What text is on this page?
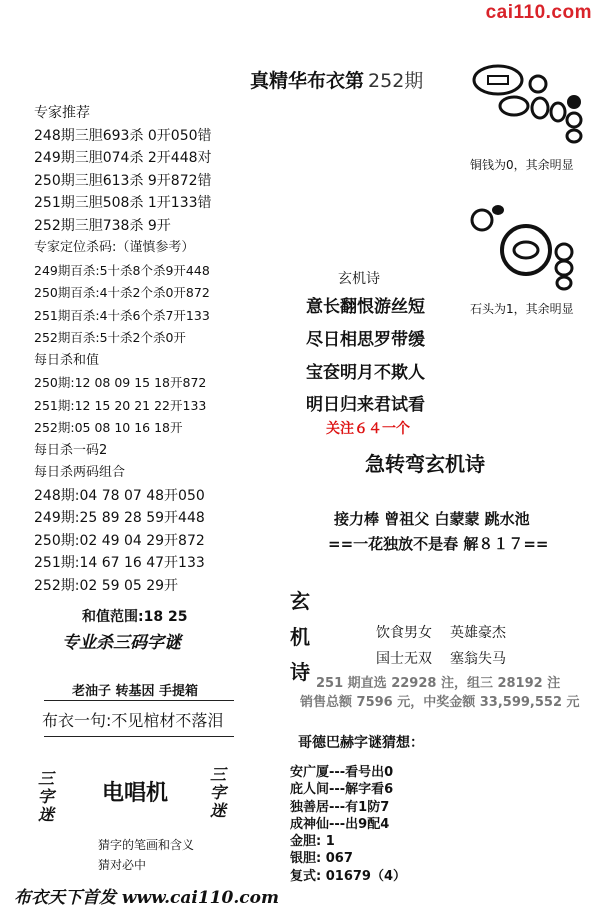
cai110.com
真精华布衣第 252期
专家推荐
248期三胆693杀 0开050错
249期三胆074杀 2开448对
250期三胆613杀 9开872错
251期三胆508杀 1开133错
252期三胆738杀 9开
专家定位杀码:（谨慎参考）
249期百杀:5十杀8个杀9开448
250期百杀:4十杀2个杀0开872
251期百杀:4十杀6个杀7开133
252期百杀:5十杀2个杀0开
每日杀和值
250期:12 08 09 15 18开872
251期:12 15 20 21 22开133
252期:05 08 10 16 18开
每日杀一码2
每日杀两码组合
248期:04 78 07 48开050
249期:25 89 28 59开448
250期:02 49 04 29开872
251期:14 67 16 47开133
252期:02 59 05 29开
和值范围:18 25
专业杀三码字谜
老油子 转基因 手提箱
布衣一句:不见棺材不落泪
三字迷
电唱机
三字迷
猜字的笔画和含义
猜对必中
铜钱为0，其余明显
石头为1，其余明显
玄机诗
意长翻恨游丝短
尽日相思罗带缓
宝奁明月不欺人
明日归来君试看
关注６４一个
急转弯玄机诗
接力棒 曾祖父 白蒙蒙 跳水池
==一花独放不是春 解８１７==
玄
机
诗
饮食男女 英雄豪杰
国士无双 塞翁失马
251 期直选 22928 注，组三 28192 注
销售总额 7596 元，中奖金额 33,599,552 元
哥德巴赫字谜猜想：
安广厦---看号出0
庇人间---解字看6
独善居---有1防7
成神仙---出9配4
金胆: 1
银胆: 067
复式: 01679（4）
布衣天下首发 www.cai110.com
